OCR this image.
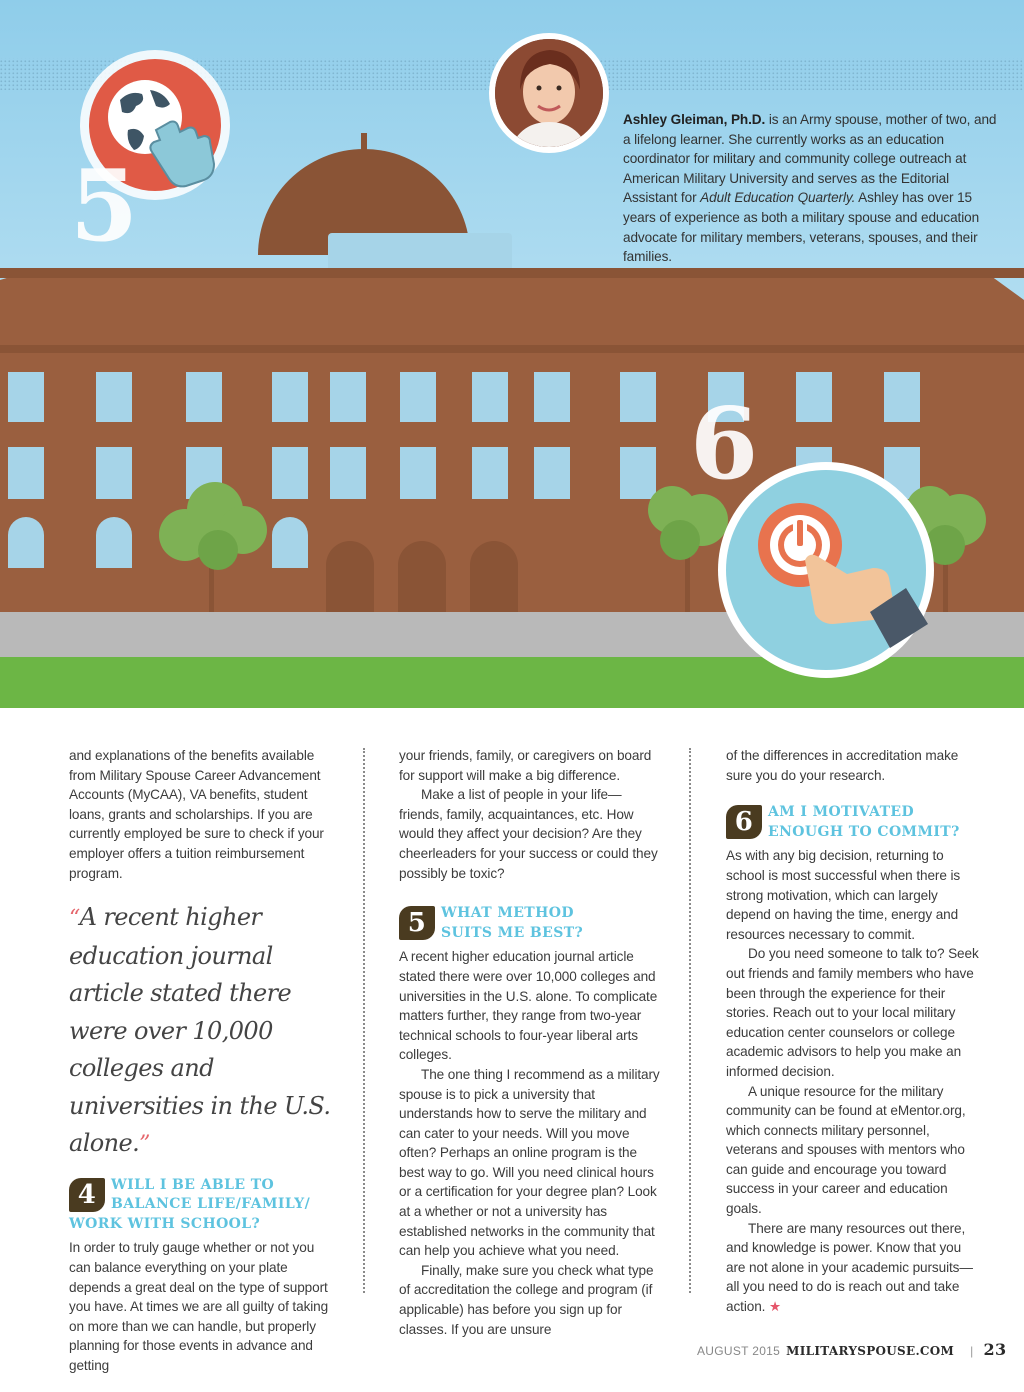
5
6
Ashley Gleiman, Ph.D. is an Army spouse, mother of two, and a lifelong learner. She currently works as an education coordinator for military and community college outreach at American Military University and serves as the Editorial Assistant for Adult Education Quarterly. Ashley has over 15 years of experience as both a military spouse and education advocate for military members, veterans, spouses, and their families.

and explanations of the benefits available from Military Spouse Career Advancement Accounts (MyCAA), VA benefits, student loans, grants and scholarships. If you are currently employed be sure to check if your employer offers a tuition reimbursement program.

“A recent higher education journal article stated there were over 10,000 colleges and universities in the U.S. alone.”
4	WILL I BE ABLE TO
BALANCE LIFE/FAMILY/
WORK WITH SCHOOL?

In order to truly gauge whether or not you can balance everything on your plate depends a great deal on the type of support you have. At times we are all guilty of taking on more than we can handle, but properly planning for those events in advance and getting

your friends, family, or caregivers on board for support will make a big difference.

Make a list of people in your life—friends, family, acquaintances, etc. How would they affect your decision? Are they cheerleaders for your success or could they possibly be toxic?

5	WHAT METHOD
SUITS ME BEST?

A recent higher education journal article stated there were over 10,000 colleges and universities in the U.S. alone. To complicate matters further, they range from two-year technical schools to four-year liberal arts colleges.

The one thing I recommend as a military spouse is to pick a university that understands how to serve the military and can cater to your needs. Will you move often? Perhaps an online program is the best way to go. Will you need clinical hours or a certification for your degree plan? Look at a whether or not a university has established networks in the community that can help you achieve what you need.

Finally, make sure you check what type of accreditation the college and program (if applicable) has before you sign up for classes. If you are unsure

of the differences in accreditation make sure you do your research.

6	AM I MOTIVATED
ENOUGH TO COMMIT?

As with any big decision, returning to school is most successful when there is strong motivation, which can largely depend on having the time, energy and resources necessary to commit.

Do you need someone to talk to? Seek out friends and family members who have been through the experience for their stories. Reach out to your local military education center counselors or college academic advisors to help you make an informed decision.

A unique resource for the military community can be found at eMentor.org, which connects military personnel, veterans and spouses with mentors who can guide and encourage you toward success in your career and education goals.

There are many resources out there, and knowledge is power. Know that you are not alone in your academic pursuits—all you need to do is reach out and take action. ★

AUGUST 2015 MILITARYSPOUSE.COM | 23
